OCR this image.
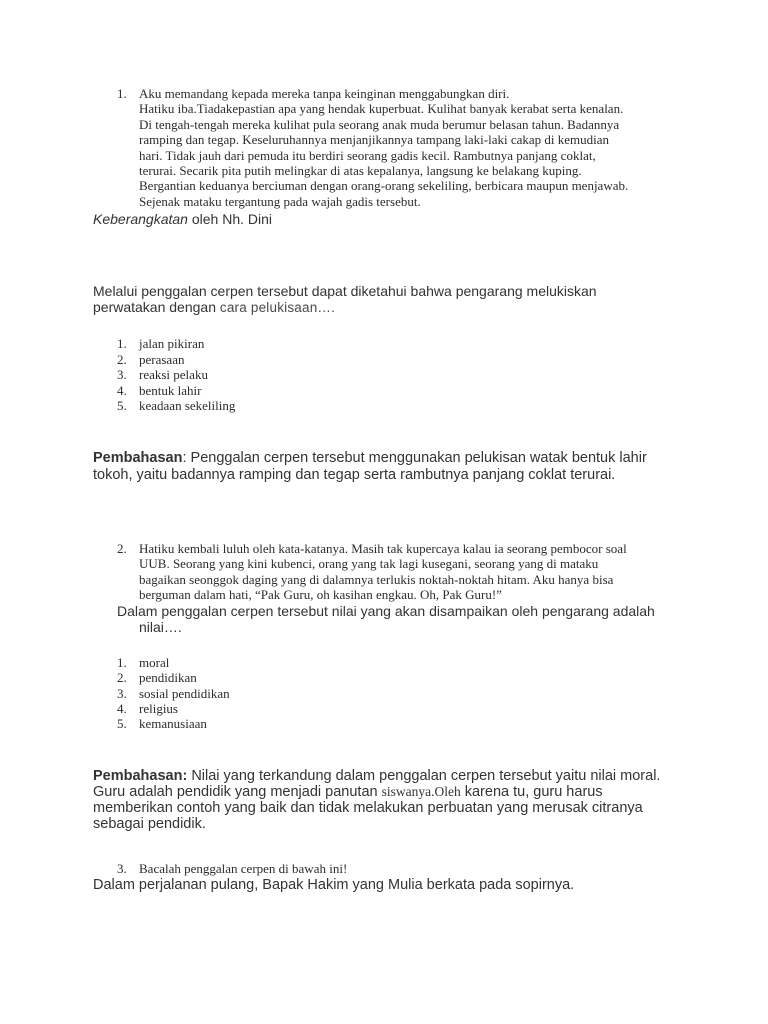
1. Aku memandang kepada mereka tanpa keinginan menggabungkan diri.
Hatiku iba.Tiadakepastian apa yang hendak kuperbuat. Kulihat banyak kerabat serta kenalan.
Di tengah-tengah mereka kulihat pula seorang anak muda berumur belasan tahun. Badannya
ramping dan tegap. Keseluruhannya menjanjikannya tampang laki-laki cakap di kemudian
hari. Tidak jauh dari pemuda itu berdiri seorang gadis kecil. Rambutnya panjang coklat,
terurai. Secarik pita putih melingkar di atas kepalanya, langsung ke belakang kuping.
Bergantian keduanya berciuman dengan orang-orang sekeliling, berbicara maupun menjawab.
Sejenak mataku tergantung pada wajah gadis tersebut.
Keberangkatan oleh Nh. Dini
Melalui penggalan cerpen tersebut dapat diketahui bahwa pengarang melukiskan
perwatakan dengan cara pelukisaan….
1. jalan pikiran
2. perasaan
3. reaksi pelaku
4. bentuk lahir
5. keadaan sekeliling
Pembahasan: Penggalan cerpen tersebut menggunakan pelukisan watak bentuk lahir
tokoh, yaitu badannya ramping dan tegap serta rambutnya panjang coklat terurai.
2. Hatiku kembali luluh oleh kata-katanya. Masih tak kupercaya kalau ia seorang pembocor soal
UUB. Seorang yang kini kubenci, orang yang tak lagi kusegani, seorang yang di mataku
bagaikan seonggok daging yang di dalamnya terlukis noktah-noktah hitam. Aku hanya bisa
berguman dalam hati, “Pak Guru, oh kasihan engkau. Oh, Pak Guru!”
Dalam penggalan cerpen tersebut nilai yang akan disampaikan oleh pengarang adalah
nilai….
1. moral
2. pendidikan
3. sosial pendidikan
4. religius
5. kemanusiaan
Pembahasan: Nilai yang terkandung dalam penggalan cerpen tersebut yaitu nilai moral.
Guru adalah pendidik yang menjadi panutan siswanya.Oleh karena tu, guru harus
memberikan contoh yang baik dan tidak melakukan perbuatan yang merusak citranya
sebagai pendidik.
3. Bacalah penggalan cerpen di bawah ini!
Dalam perjalanan pulang, Bapak Hakim yang Mulia berkata pada sopirnya.
